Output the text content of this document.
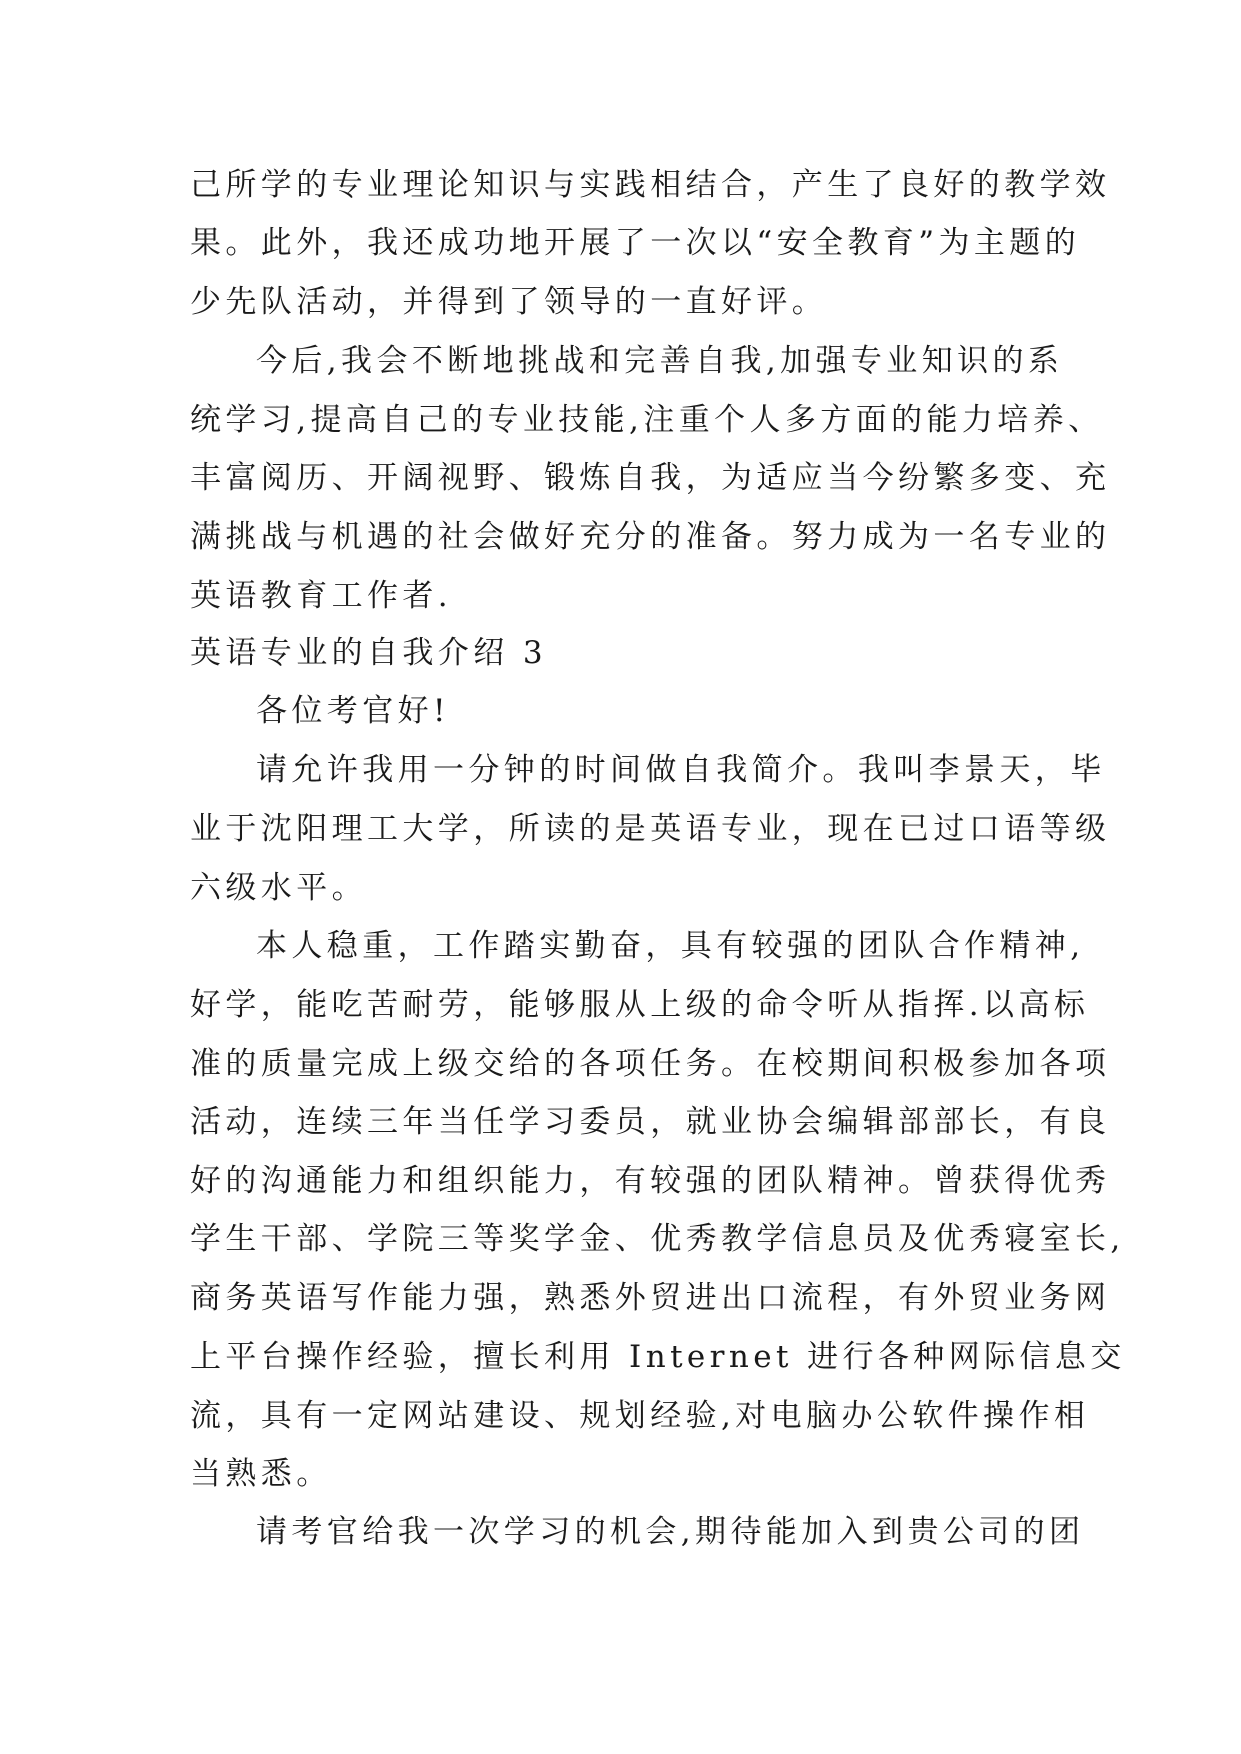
己所学的专业理论知识与实践相结合，产生了良好的教学效
果。此外，我还成功地开展了一次以“安全教育”为主题的
少先队活动，并得到了领导的一直好评。
今后,我会不断地挑战和完善自我,加强专业知识的系
统学习,提高自己的专业技能,注重个人多方面的能力培养、
丰富阅历、开阔视野、锻炼自我，为适应当今纷繁多变、充
满挑战与机遇的社会做好充分的准备。努力成为一名专业的
英语教育工作者.
英语专业的自我介绍 3
各位考官好!
请允许我用一分钟的时间做自我简介。我叫李景天，毕
业于沈阳理工大学，所读的是英语专业，现在已过口语等级
六级水平。
本人稳重，工作踏实勤奋，具有较强的团队合作精神,
好学，能吃苦耐劳，能够服从上级的命令听从指挥.以高标
准的质量完成上级交给的各项任务。在校期间积极参加各项
活动，连续三年当任学习委员，就业协会编辑部部长，有良
好的沟通能力和组织能力，有较强的团队精神。曾获得优秀
学生干部、学院三等奖学金、优秀教学信息员及优秀寝室长,
商务英语写作能力强，熟悉外贸进出口流程，有外贸业务网
上平台操作经验，擅长利用 Internet 进行各种网际信息交
流，具有一定网站建设、规划经验,对电脑办公软件操作相
当熟悉。
请考官给我一次学习的机会,期待能加入到贵公司的团
